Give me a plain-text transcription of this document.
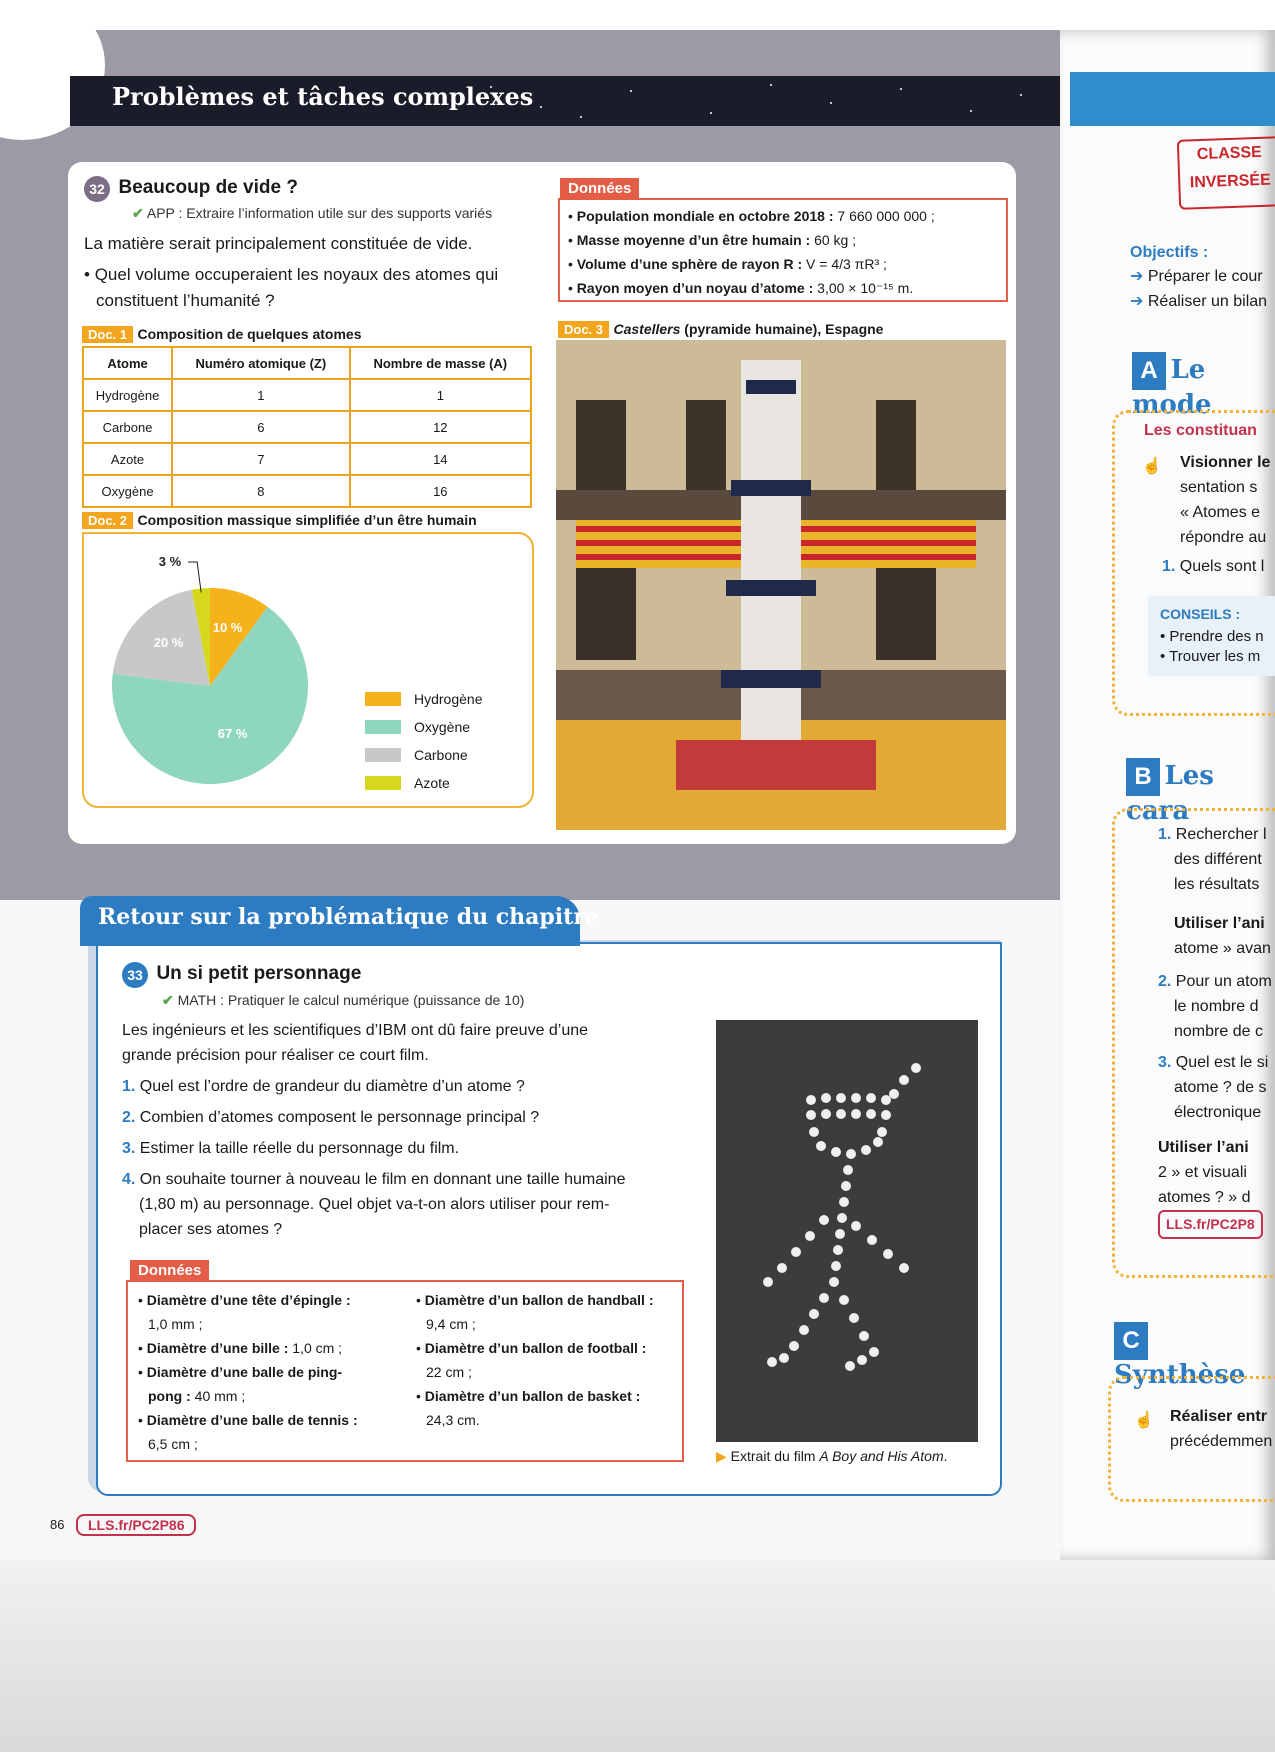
Problèmes et tâches complexes
32 Beaucoup de vide ?
✔ APP : Extraire l’information utile sur des supports variés
La matière serait principalement constituée de vide.
• Quel volume occuperaient les noyaux des atomes qui
constituent l’humanité ?
Doc. 1 Composition de quelques atomes
Atome	Numéro atomique (Z)	Nombre de masse (A)
Hydrogène	1	1
Carbone	6	12
Azote	7	14
Oxygène	8	16
Doc. 2 Composition massique simplifiée d’un être humain
10 %
67 %
20 %
3 %
Hydrogène
Oxygène
Carbone
Azote
Données
• Population mondiale en octobre 2018 : 7 660 000 000 ;
• Masse moyenne d’un être humain : 60 kg ;
• Volume d’une sphère de rayon R : V = 4/3 πR³ ;
• Rayon moyen d’un noyau d’atome : 3,00 × 10⁻¹⁵ m.
Doc. 3 Castellers (pyramide humaine), Espagne
Retour sur la problématique du chapitre
33 Un si petit personnage
✔ MATH : Pratiquer le calcul numérique (puissance de 10)
Les ingénieurs et les scientifiques d’IBM ont dû faire preuve d’une
grande précision pour réaliser ce court film.
1. Quel est l’ordre de grandeur du diamètre d’un atome ?
2. Combien d’atomes composent le personnage principal ?
3. Estimer la taille réelle du personnage du film.
4. On souhaite tourner à nouveau le film en donnant une taille humaine
(1,80 m) au personnage. Quel objet va-t-on alors utiliser pour rem-
placer ses atomes ?
Données
• Diamètre d’une tête d’épingle :
1,0 mm ;
• Diamètre d’une bille : 1,0 cm ;
• Diamètre d’une balle de ping-
pong : 40 mm ;
• Diamètre d’une balle de tennis :
6,5 cm ;
• Diamètre d’un ballon de handball :
9,4 cm ;
• Diamètre d’un ballon de football :
22 cm ;
• Diamètre d’un ballon de basket :
24,3 cm.
▶ Extrait du film A Boy and His Atom.
86	LLS.fr/PC2P86
CLASSE
INVERSÉE
Objectifs :
➔ Préparer le cour
➔ Réaliser un bilan
A Le mode
Les constituan
☝	Visionner le
sentation s
« Atomes e
répondre au
1. Quels sont l
CONSEILS :
• Prendre des n
• Trouver les m
B Les cara
1. Rechercher l
des différent
les résultats
Utiliser l’ani
atome » avan
2. Pour un atom
le nombre d
nombre de c
3. Quel est le si
atome ? de s
électronique
Utiliser l’ani
2 » et visuali
atomes ? » d
LLS.fr/PC2P8
C Synthèse
☝	Réaliser entr
précédemmen
